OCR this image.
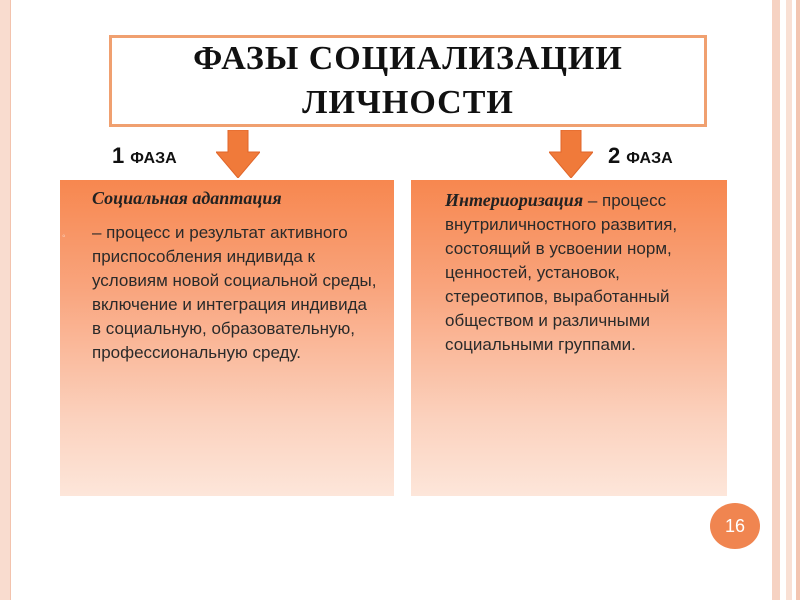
ФАЗЫ СОЦИАЛИЗАЦИИ ЛИЧНОСТИ
1 ФАЗА	2 ФАЗА
Социальная адаптация
– процесс и результат активного приспособления индивида к условиям новой социальной среды, включение и интеграция индивида в социальную, образовательную, профессиональную среду.
◦
Интериоризация – процесс внутриличностного развития, состоящий в усвоении норм, ценностей, установок, стереотипов, выработанный обществом и различными социальными группами.
16
